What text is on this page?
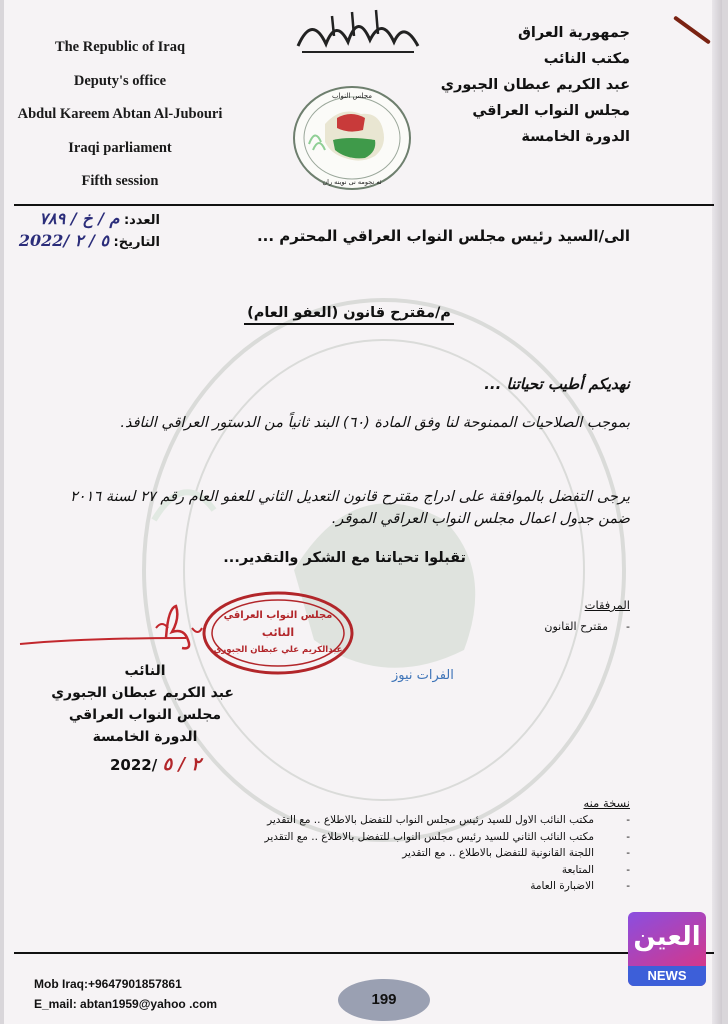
The Republic of Iraq
Deputy's office
Abdul Kareem Abtan Al-Jubouri
Iraqi parliament
Fifth session
بسم الله الرحمن الرحيم
مجلس النواب
ئه نجومه نى نوينه ران
جمهورية العراق
مكتب النائب
عبد الكريم عبطان الجبوري
مجلس النواب العراقي
الدورة الخامسة
العدد: م / خ / ٧٨٩
التاريخ: ٥ / ٢ /2022	الى/السيد رئيس مجلس النواب العراقي المحترم ...
م/مقترح قانون (العفو العام)
نهديكم أطيب تحياتنا ...
بموجب الصلاحيات الممنوحة لنا وفق المادة (٦٠) البند ثانياً من الدستور العراقي النافذ.
يرجى التفضل بالموافقة على ادراج مقترح قانون التعديل الثاني للعفو العام رقم ٢٧ لسنة ٢٠١٦ ضمن جدول اعمال مجلس النواب العراقي الموقر.
تقبلوا تحياتنا مع الشكر والتقدير...
المرفقات
-مقترح القانون
مجلس النواب العراقي
النائب
عبدالكريم علي عبطان الجبوري
النائب
عبد الكريم عبطان الجبوري
مجلس النواب العراقي
الدورة الخامسة
2022/ ٢ / ٥
الفرات نيوز
نسخة منه
-مكتب النائب الاول للسيد رئيس مجلس النواب للتفضل بالاطلاع .. مع التقدير
-مكتب النائب الثاني للسيد رئيس مجلس النواب للتفضل بالاطلاع .. مع التقدير
-اللجنة القانونية للتفضل بالاطلاع .. مع التقدير
-المتابعة
-الاضبارة العامة
Mob Iraq:+9647901857861
E_mail: abtan1959@yahoo .com	199
العين
NEWS
